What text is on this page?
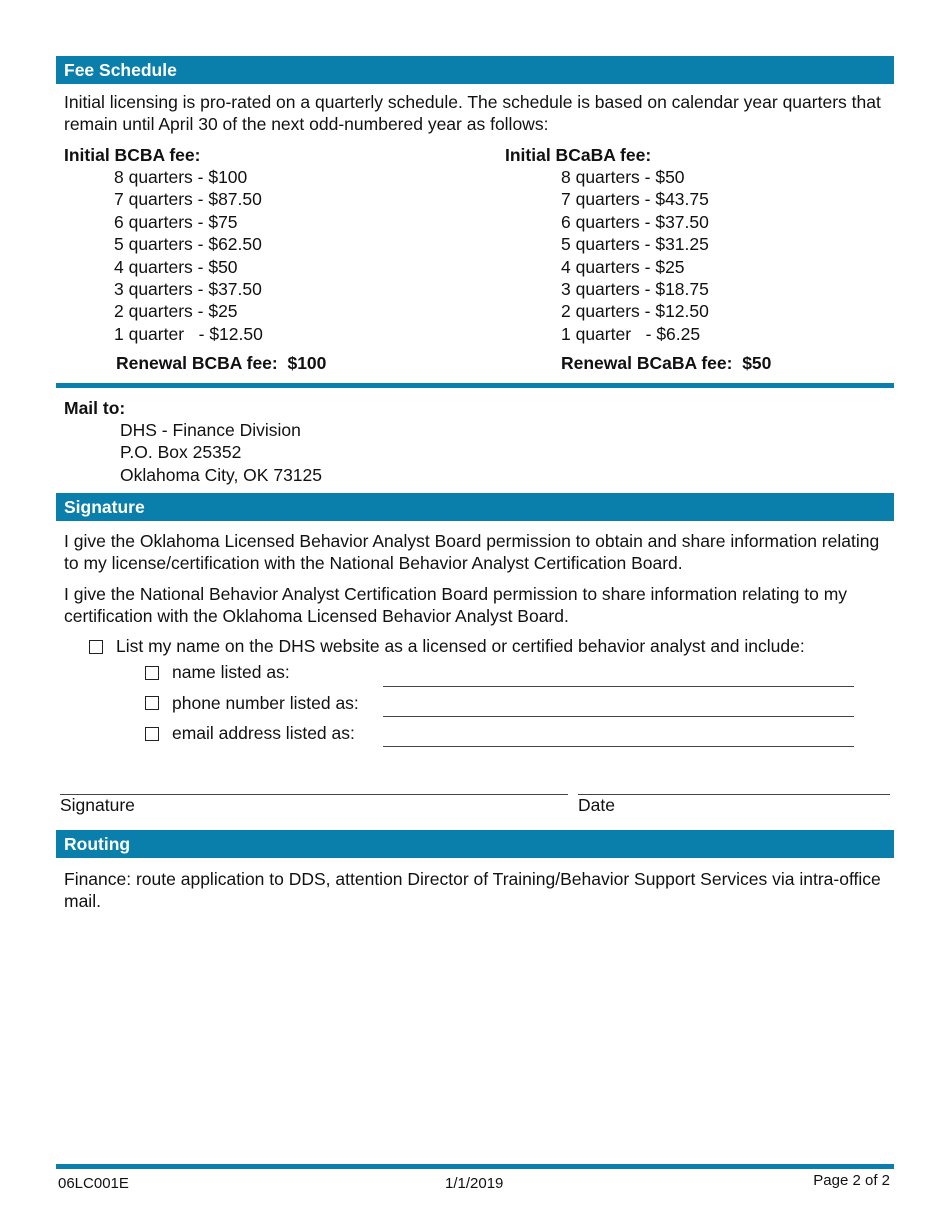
Fee Schedule
Initial licensing is pro-rated on a quarterly schedule. The schedule is based on calendar year quarters that remain until April 30 of the next odd-numbered year as follows:
Initial BCBA fee:
8 quarters - $100
7 quarters - $87.50
6 quarters - $75
5 quarters - $62.50
4 quarters - $50
3 quarters - $37.50
2 quarters - $25
1 quarter   - $12.50
Renewal BCBA fee:  $100
Initial BCaBA fee:
8 quarters - $50
7 quarters - $43.75
6 quarters - $37.50
5 quarters - $31.25
4 quarters - $25
3 quarters - $18.75
2 quarters - $12.50
1 quarter   - $6.25
Renewal BCaBA fee:  $50
Mail to:
DHS - Finance Division
P.O. Box 25352
Oklahoma City, OK 73125
Signature
I give the Oklahoma Licensed Behavior Analyst Board permission to obtain and share information relating to my license/certification with the National Behavior Analyst Certification Board.
I give the National Behavior Analyst Certification Board permission to share information relating to my certification with the Oklahoma Licensed Behavior Analyst Board.
List my name on the DHS website as a licensed or certified behavior analyst and include:
name listed as:
phone number listed as:
email address listed as:
Signature	Date
Routing
Finance: route application to DDS, attention Director of Training/Behavior Support Services via intra-office mail.
06LC001E	1/1/2019	Page 2 of 2
